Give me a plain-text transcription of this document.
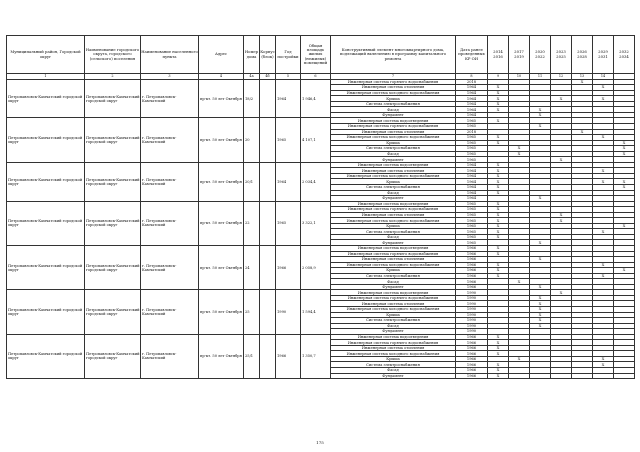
Муниципальный район, Городской округ	Наименование городского округа, городского (сельского) поселения	Наименование населенного пункта	Адрес	Номер дома	Корпус (блок)	Год постройки	Общая площадь жилых (нежилых) помещений	Конструктивный элемент многоквартирного дома, подлежащий включению в программу капитального ремонта	Дата ранее проведенных КР ОИ	2014 2016	2017 2019	2020 2022	2023 2025	2026 2028	2029 2031	2032 2034
1	2	3	4	4а	4б	5	6	7	8	9	10	11	12	13	14	
Петропавловск-Камчатский городской округ	Петропавловск-Камчатский городской округ	г. Петропавловск-Камчатский	пр-кт. 50 лет Октября	18/2		1964	1 946,4	Инженерная система горячего водоснабжения	2018					X		
								Инженерная система отопления	1964	X					X	
								Инженерная система холодного водоснабжения	1964	X						
								Крыша	1964	X			X		X	
								Система электроснабжения	1964	X						
								Фасад	1964	X		X				
								Фундамент	1964			X				
Петропавловск-Камчатский городской округ	Петропавловск-Камчатский городской округ	г. Петропавловск-Камчатский	пр-кт. 50 лет Октября	20		1965	4 107,1	Инженерная система водоотведения	1965	X						
								Инженерная система горячего водоснабжения	1965			X				
								Инженерная система отопления	2018					X		
								Инженерная система холодного водоснабжения	1965	X					X	
								Крыша	1965	X						X
								Система электроснабжения	1965		X					X
								Фасад	1965		X					X
								Фундамент	1965				X			
Петропавловск-Камчатский городской округ	Петропавловск-Камчатский городской округ	г. Петропавловск-Камчатский	пр-кт. 50 лет Октября	20/1		1964	2 034,4	Инженерная система водоотведения	1964	X						
								Инженерная система отопления	1964	X					X	
								Инженерная система холодного водоснабжения	1964	X						
								Крыша	1964	X					X	X
								Система электроснабжения	1964	X						X
								Фасад	1964	X						
								Фундамент	1964			X				
Петропавловск-Камчатский городской округ	Петропавловск-Камчатский городской округ	г. Петропавловск-Камчатский	пр-кт. 50 лет Октября	22		1965	3 322,1	Инженерная система водоотведения	1965	X						
								Инженерная система горячего водоснабжения	1965	X						
								Инженерная система отопления	1965	X			X			
								Инженерная система холодного водоснабжения	1965	X			X			
								Крыша	1965	X						X
								Система электроснабжения	1965	X					X	
								Фасад	1965	X						
								Фундамент	1965			X				
Петропавловск-Камчатский городской округ	Петропавловск-Камчатский городской округ	г. Петропавловск-Камчатский	пр-кт. 50 лет Октября	24		1966	2 058,9	Инженерная система водоотведения	1966	X						
								Инженерная система горячего водоснабжения	1966	X						
								Инженерная система отопления	1966			X				
								Инженерная система холодного водоснабжения	1966	X					X	
								Крыша	1966	X						X
								Система электроснабжения	1966	X					X	
								Фасад	1966		X					
								Фундамент	1966			X				
Петропавловск-Камчатский городской округ	Петропавловск-Камчатский городской округ	г. Петропавловск-Камчатский	пр-кт. 50 лет Октября	25		1990	1 594,4	Инженерная система водоотведения	1990				X			
								Инженерная система горячего водоснабжения	1990			X				
								Инженерная система отопления	1990			X				
								Инженерная система холодного водоснабжения	1990			X				
								Крыша	1990			X				
								Система электроснабжения	1990			X				
								Фасад	1990			X				
								Фундамент	1990							
Петропавловск-Камчатский городской округ	Петропавловск-Камчатский городской округ	г. Петропавловск-Камчатский	пр-кт. 50 лет Октября	25/1		1966	1 350,7	Инженерная система водоотведения	1966	X						
								Инженерная система горячего водоснабжения	1966	X						
								Инженерная система отопления	1966	X						
								Инженерная система холодного водоснабжения	1966	X						
								Крыша	1966		X				X	
								Система электроснабжения	1966	X					X	
								Фасад	1966	X						
								Фундамент	1966	X						
175
